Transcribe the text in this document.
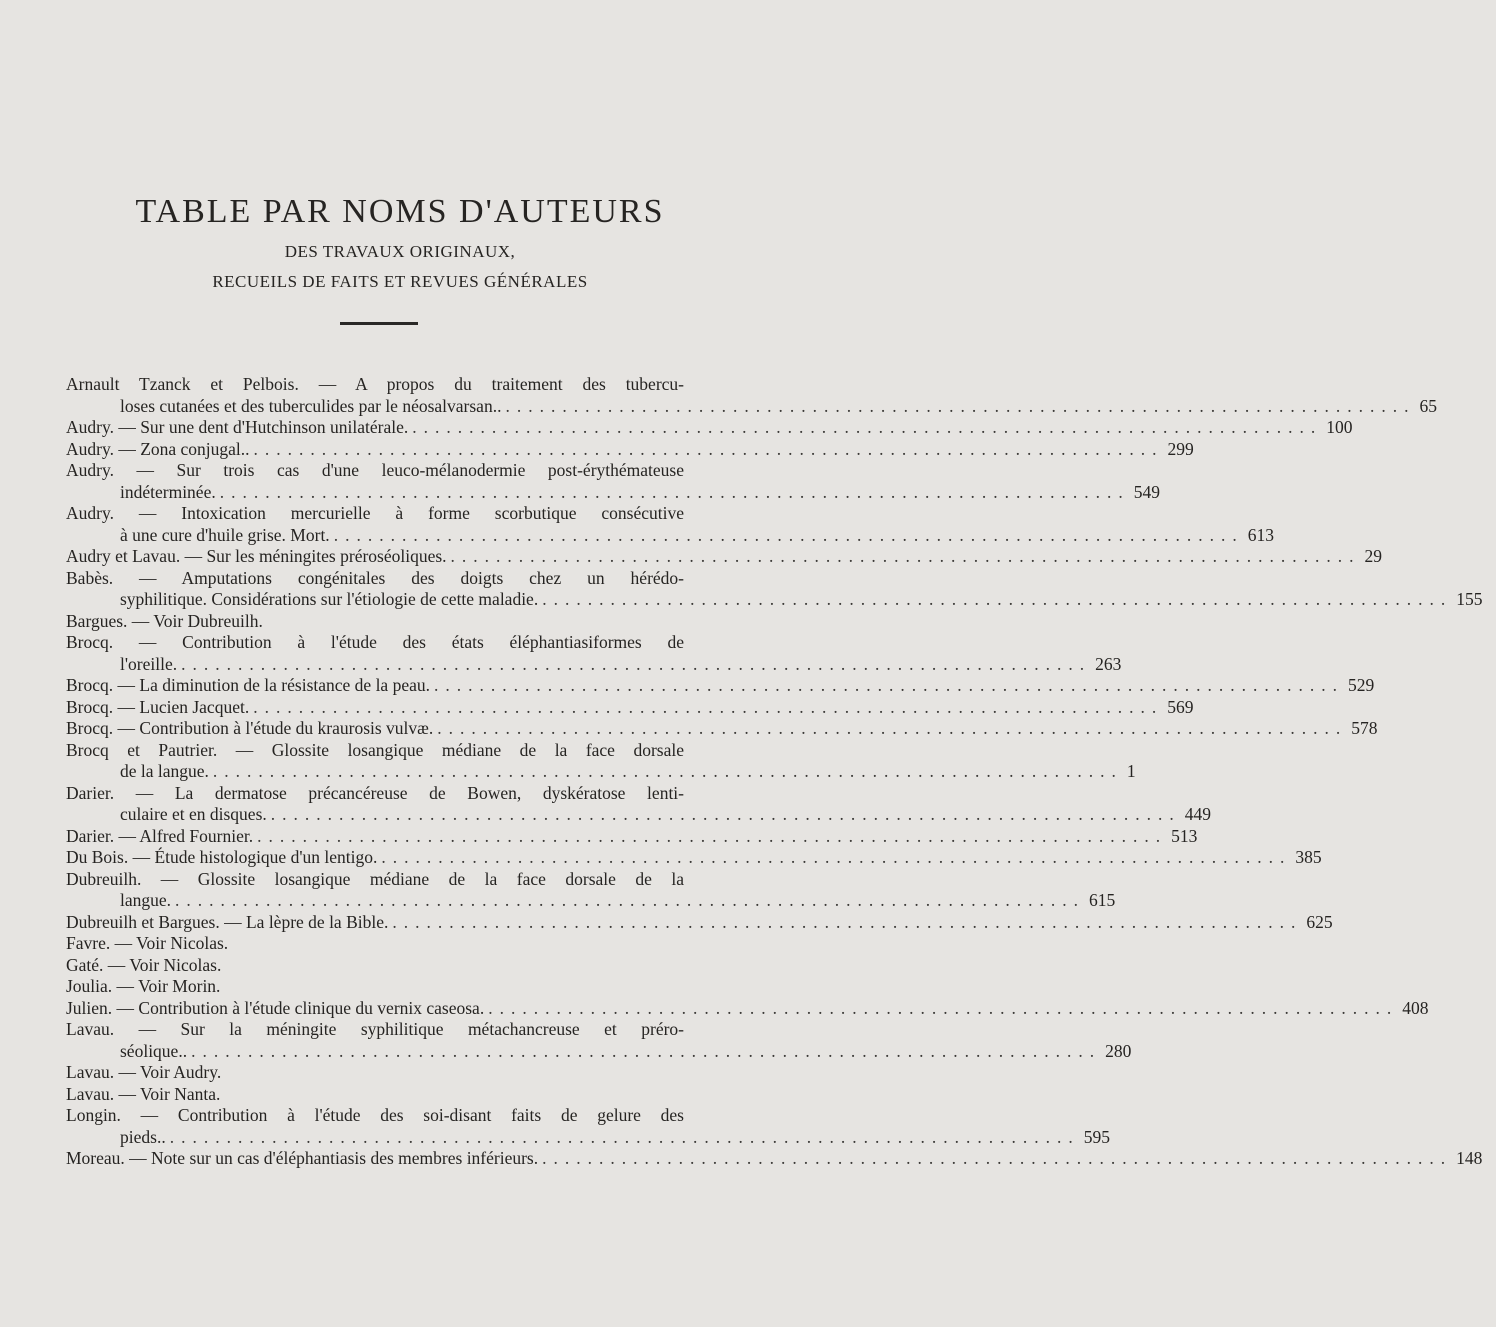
TABLE PAR NOMS D'AUTEURS
DES TRAVAUX ORIGINAUX,
RECUEILS DE FAITS ET REVUES GÉNÉRALES
Arnault Tzanck et Pelbois. — A propos du traitement des tubercu-
loses cutanées et des tuberculides par le néosalvarsan.. ................................................................................ 65
Audry. — Sur une dent d'Hutchinson unilatérale. ................................................................................ 100
Audry. — Zona conjugal.. ................................................................................ 299
Audry. — Sur trois cas d'une leuco-mélanodermie post-érythémateuse
indéterminée. ................................................................................ 549
Audry. — Intoxication mercurielle à forme scorbutique consécutive
à une cure d'huile grise. Mort. ................................................................................ 613
Audry et Lavau. — Sur les méningites préroséoliques. ................................................................................ 29
Babès. — Amputations congénitales des doigts chez un hérédo-
syphilitique. Considérations sur l'étiologie de cette maladie. ................................................................................ 155
Bargues. — Voir Dubreuilh.
Brocq. — Contribution à l'étude des états éléphantiasiformes de
l'oreille. ................................................................................ 263
Brocq. — La diminution de la résistance de la peau. ................................................................................ 529
Brocq. — Lucien Jacquet. ................................................................................ 569
Brocq. — Contribution à l'étude du kraurosis vulvæ. ................................................................................ 578
Brocq et Pautrier. — Glossite losangique médiane de la face dorsale
de la langue. ................................................................................ 1
Darier. — La dermatose précancéreuse de Bowen, dyskératose lenti-
culaire et en disques. ................................................................................ 449
Darier. — Alfred Fournier. ................................................................................ 513
Du Bois. — Étude histologique d'un lentigo. ................................................................................ 385
Dubreuilh. — Glossite losangique médiane de la face dorsale de la
langue. ................................................................................ 615
Dubreuilh et Bargues. — La lèpre de la Bible. ................................................................................ 625
Favre. — Voir Nicolas.
Gaté. — Voir Nicolas.
Joulia. — Voir Morin.
Julien. — Contribution à l'étude clinique du vernix caseosa. ................................................................................ 408
Lavau. — Sur la méningite syphilitique métachancreuse et préro-
séolique.. ................................................................................ 280
Lavau. — Voir Audry.
Lavau. — Voir Nanta.
Longin. — Contribution à l'étude des soi-disant faits de gelure des
pieds.. ................................................................................ 595
Moreau. — Note sur un cas d'éléphantiasis des membres inférieurs. ................................................................................ 148
